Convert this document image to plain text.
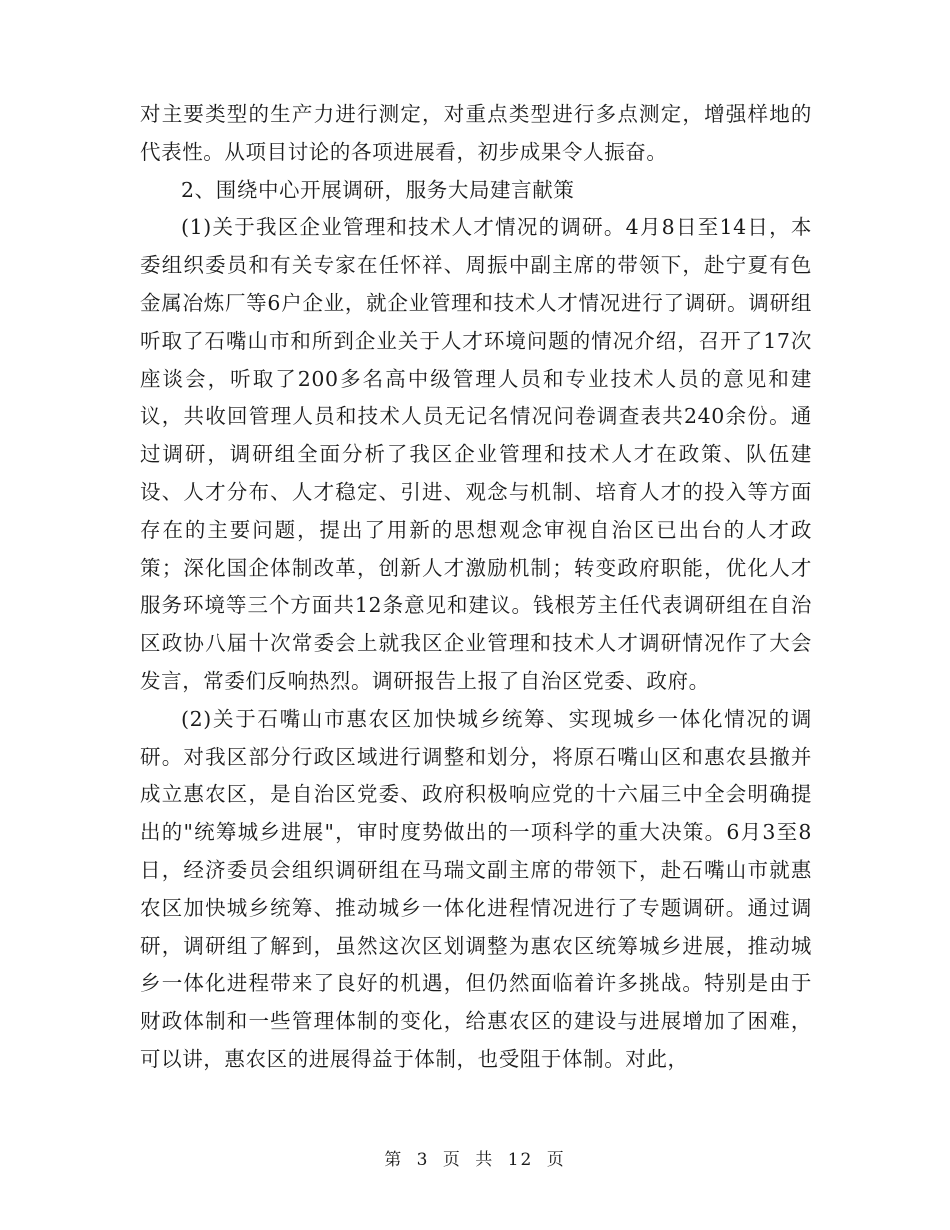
对主要类型的生产力进行测定，对重点类型进行多点测定，增强样地的代表性。从项目讨论的各项进展看，初步成果令人振奋。

2、围绕中心开展调研，服务大局建言献策

(1)关于我区企业管理和技术人才情况的调研。4月8日至14日，本委组织委员和有关专家在任怀祥、周振中副主席的带领下，赴宁夏有色金属冶炼厂等6户企业，就企业管理和技术人才情况进行了调研。调研组听取了石嘴山市和所到企业关于人才环境问题的情况介绍，召开了17次座谈会，听取了200多名高中级管理人员和专业技术人员的意见和建议，共收回管理人员和技术人员无记名情况问卷调查表共240余份。通过调研，调研组全面分析了我区企业管理和技术人才在政策、队伍建设、人才分布、人才稳定、引进、观念与机制、培育人才的投入等方面存在的主要问题，提出了用新的思想观念审视自治区已出台的人才政策；深化国企体制改革，创新人才激励机制；转变政府职能，优化人才服务环境等三个方面共12条意见和建议。钱根芳主任代表调研组在自治区政协八届十次常委会上就我区企业管理和技术人才调研情况作了大会发言，常委们反响热烈。调研报告上报了自治区党委、政府。

(2)关于石嘴山市惠农区加快城乡统筹、实现城乡一体化情况的调研。对我区部分行政区域进行调整和划分，将原石嘴山区和惠农县撤并成立惠农区，是自治区党委、政府积极响应党的十六届三中全会明确提出的"统筹城乡进展"，审时度势做出的一项科学的重大决策。6月3至8日，经济委员会组织调研组在马瑞文副主席的带领下，赴石嘴山市就惠农区加快城乡统筹、推动城乡一体化进程情况进行了专题调研。通过调研，调研组了解到，虽然这次区划调整为惠农区统筹城乡进展，推动城乡一体化进程带来了良好的机遇，但仍然面临着许多挑战。特别是由于财政体制和一些管理体制的变化，给惠农区的建设与进展增加了困难，可以讲，惠农区的进展得益于体制，也受阻于体制。对此，

第 3 页 共 12 页
